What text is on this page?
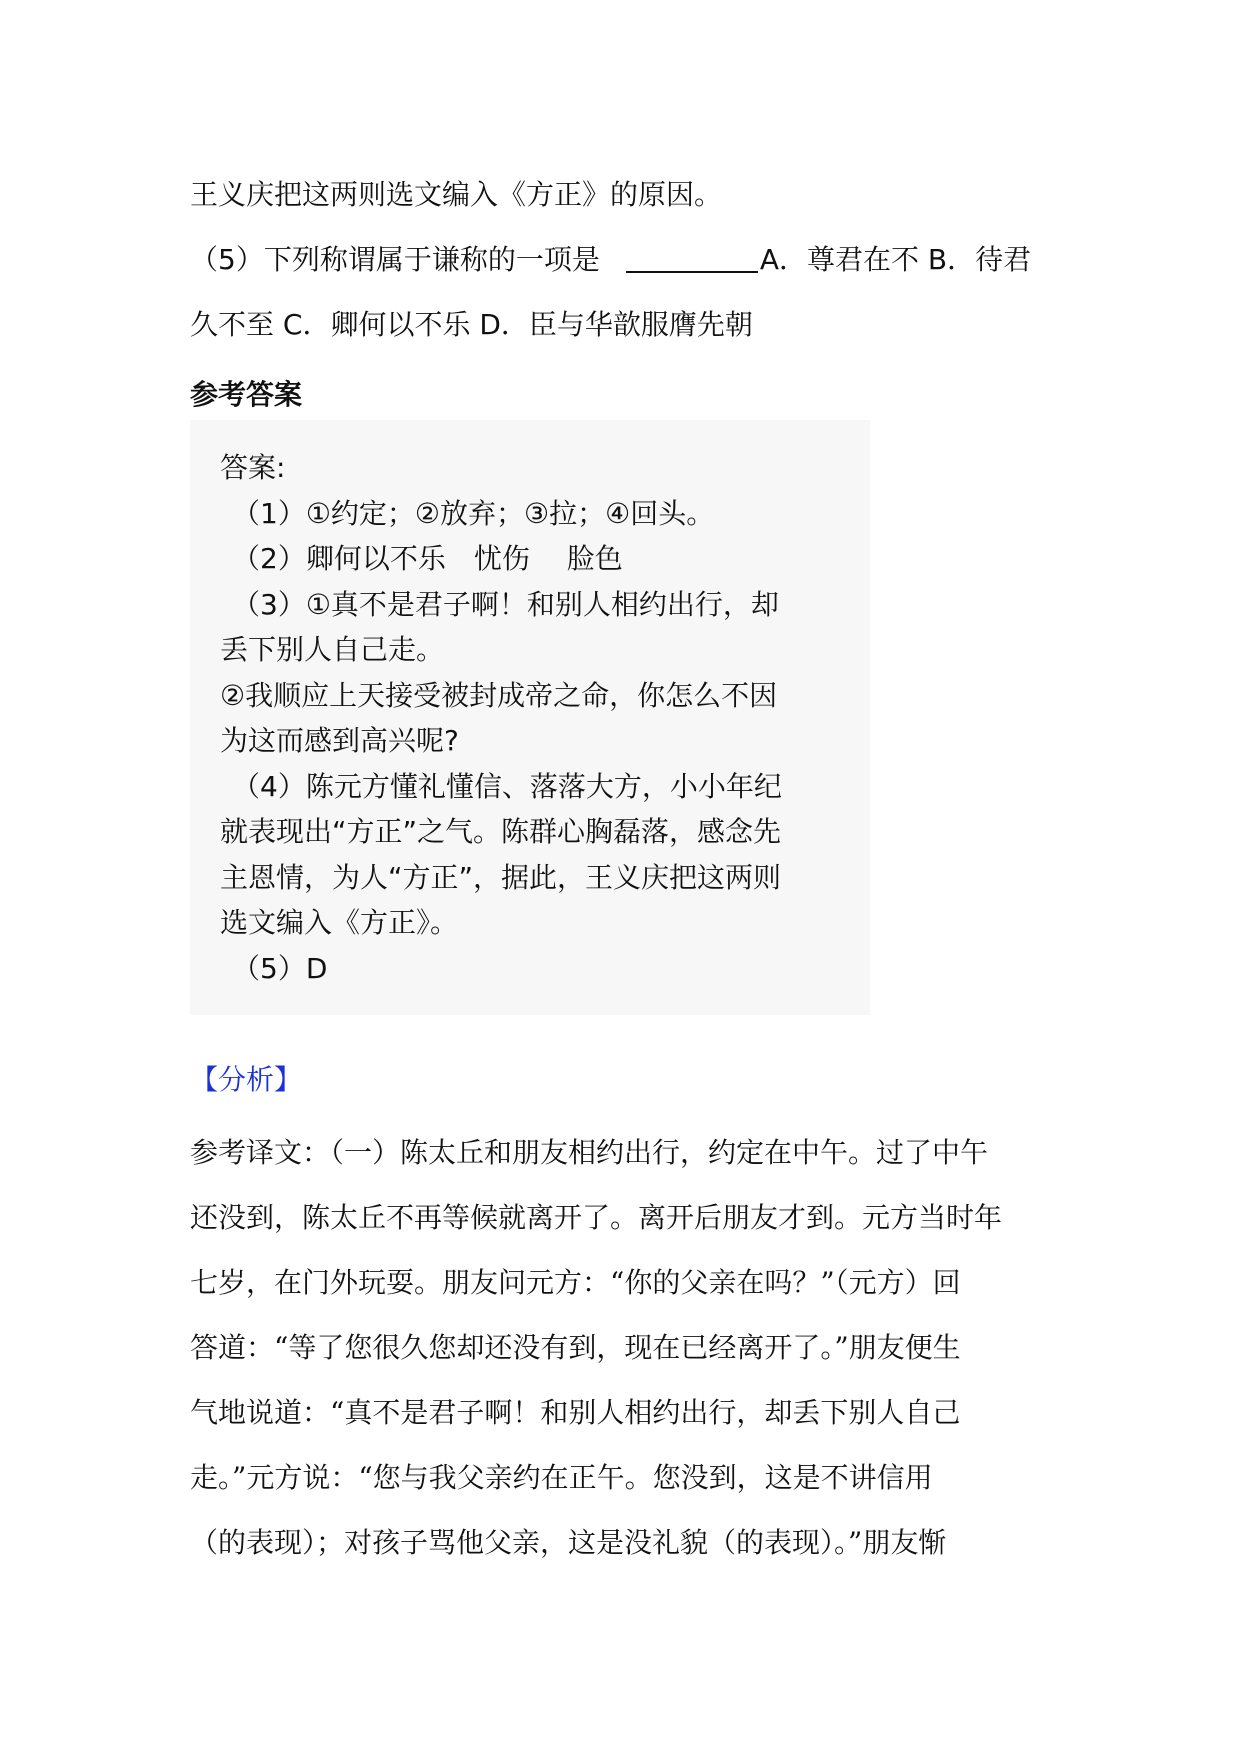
王义庆把这两则选文编入《方正》的原因。
（5）下列称谓属于谦称的一项是	A．尊君在不 B．待君
久不至 C．卿何以不乐 D．臣与华歆服膺先朝
参考答案
答案:
（1）①约定；②放弃；③拉；④回头。
（2）卿何以不乐　忧伤　 脸色
（3）①真不是君子啊！和别人相约出行，却
丢下别人自己走。
②我顺应上天接受被封成帝之命，你怎么不因
为这而感到高兴呢?
（4）陈元方懂礼懂信、落落大方，小小年纪
就表现出“方正”之气。陈群心胸磊落，感念先
主恩情，为人“方正”，据此，王义庆把这两则
选文编入《方正》。
（5）D
【分析】
参考译文：（一）陈太丘和朋友相约出行，约定在中午。过了中午
还没到，陈太丘不再等候就离开了。离开后朋友才到。元方当时年
七岁，在门外玩耍。朋友问元方：“你的父亲在吗？”（元方）回
答道：“等了您很久您却还没有到，现在已经离开了。”朋友便生
气地说道：“真不是君子啊！和别人相约出行，却丢下别人自己
走。”元方说：“您与我父亲约在正午。您没到，这是不讲信用
（的表现）；对孩子骂他父亲，这是没礼貌（的表现）。”朋友惭
